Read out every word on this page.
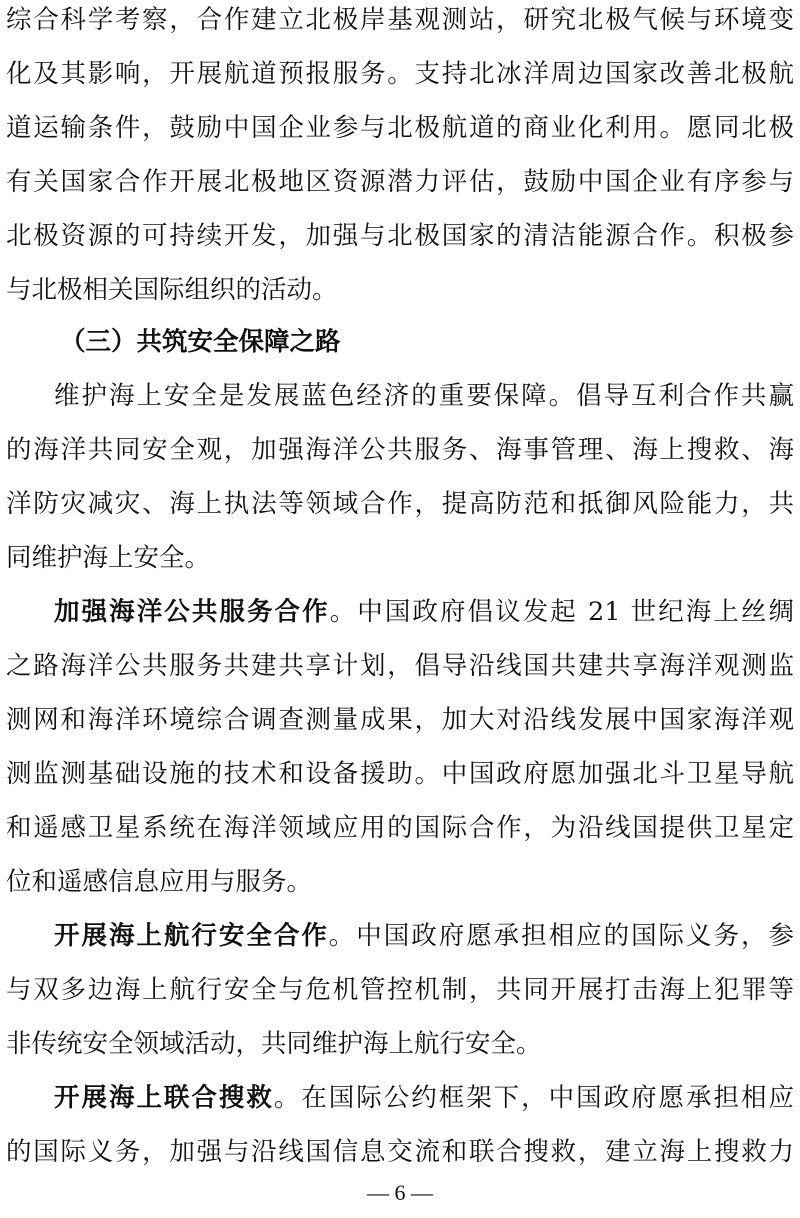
综合科学考察，合作建立北极岸基观测站，研究北极气候与环境变
化及其影响，开展航道预报服务。支持北冰洋周边国家改善北极航
道运输条件，鼓励中国企业参与北极航道的商业化利用。愿同北极
有关国家合作开展北极地区资源潜力评估，鼓励中国企业有序参与
北极资源的可持续开发，加强与北极国家的清洁能源合作。积极参
与北极相关国际组织的活动。
（三）共筑安全保障之路
维护海上安全是发展蓝色经济的重要保障。倡导互利合作共赢
的海洋共同安全观，加强海洋公共服务、海事管理、海上搜救、海
洋防灾减灾、海上执法等领域合作，提高防范和抵御风险能力，共
同维护海上安全。
加强海洋公共服务合作。中国政府倡议发起 21 世纪海上丝绸
之路海洋公共服务共建共享计划，倡导沿线国共建共享海洋观测监
测网和海洋环境综合调查测量成果，加大对沿线发展中国家海洋观
测监测基础设施的技术和设备援助。中国政府愿加强北斗卫星导航
和遥感卫星系统在海洋领域应用的国际合作，为沿线国提供卫星定
位和遥感信息应用与服务。
开展海上航行安全合作。中国政府愿承担相应的国际义务，参
与双多边海上航行安全与危机管控机制，共同开展打击海上犯罪等
非传统安全领域活动，共同维护海上航行安全。
开展海上联合搜救。在国际公约框架下，中国政府愿承担相应
的国际义务，加强与沿线国信息交流和联合搜救，建立海上搜救力
— 6 —
